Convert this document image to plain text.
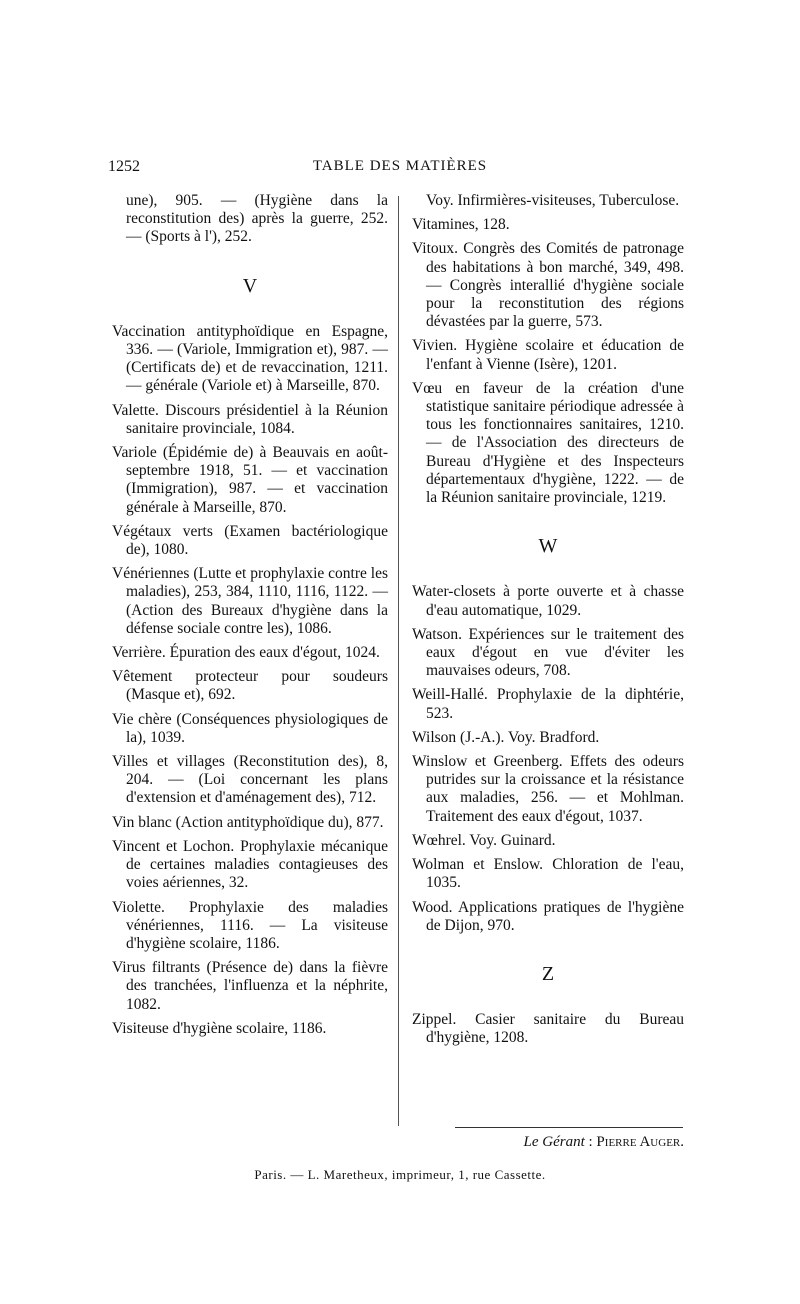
1252	TABLE DES MATIÈRES

une), 905. — (Hygiène dans la reconstitution des) après la guerre, 252. — (Sports à l'), 252.

V

Vaccination antityphoïdique en Espagne, 336. — (Variole, Immigration et), 987. — (Certificats de) et de revaccination, 1211. — générale (Variole et) à Marseille, 870.

Valette. Discours présidentiel à la Réunion sanitaire provinciale, 1084.

Variole (Épidémie de) à Beauvais en août-septembre 1918, 51. — et vaccination (Immigration), 987. — et vaccination générale à Marseille, 870.

Végétaux verts (Examen bactériologique de), 1080.

Vénériennes (Lutte et prophylaxie contre les maladies), 253, 384, 1110, 1116, 1122. — (Action des Bureaux d'hygiène dans la défense sociale contre les), 1086.

Verrière. Épuration des eaux d'égout, 1024.

Vêtement protecteur pour soudeurs (Masque et), 692.

Vie chère (Conséquences physiologiques de la), 1039.

Villes et villages (Reconstitution des), 8, 204. — (Loi concernant les plans d'extension et d'aménagement des), 712.

Vin blanc (Action antityphoïdique du), 877.

Vincent et Lochon. Prophylaxie mécanique de certaines maladies contagieuses des voies aériennes, 32.

Violette. Prophylaxie des maladies vénériennes, 1116. — La visiteuse d'hygiène scolaire, 1186.

Virus filtrants (Présence de) dans la fièvre des tranchées, l'influenza et la néphrite, 1082.

Visiteuse d'hygiène scolaire, 1186.

Voy. Infirmières-visiteuses, Tuberculose.

Vitamines, 128.

Vitoux. Congrès des Comités de patronage des habitations à bon marché, 349, 498. — Congrès interallié d'hygiène sociale pour la reconstitution des régions dévastées par la guerre, 573.

Vivien. Hygiène scolaire et éducation de l'enfant à Vienne (Isère), 1201.

Vœu en faveur de la création d'une statistique sanitaire périodique adressée à tous les fonctionnaires sanitaires, 1210. — de l'Association des directeurs de Bureau d'Hygiène et des Inspecteurs départementaux d'hygiène, 1222. — de la Réunion sanitaire provinciale, 1219.

W

Water-closets à porte ouverte et à chasse d'eau automatique, 1029.

Watson. Expériences sur le traitement des eaux d'égout en vue d'éviter les mauvaises odeurs, 708.

Weill-Hallé. Prophylaxie de la diphtérie, 523.

Wilson (J.-A.). Voy. Bradford.

Winslow et Greenberg. Effets des odeurs putrides sur la croissance et la résistance aux maladies, 256. — et Mohlman. Traitement des eaux d'égout, 1037.

Wœhrel. Voy. Guinard.

Wolman et Enslow. Chloration de l'eau, 1035.

Wood. Applications pratiques de l'hygiène de Dijon, 970.

Z

Zippel. Casier sanitaire du Bureau d'hygiène, 1208.

Le Gérant : Pierre Auger.
Paris. — L. Maretheux, imprimeur, 1, rue Cassette.
